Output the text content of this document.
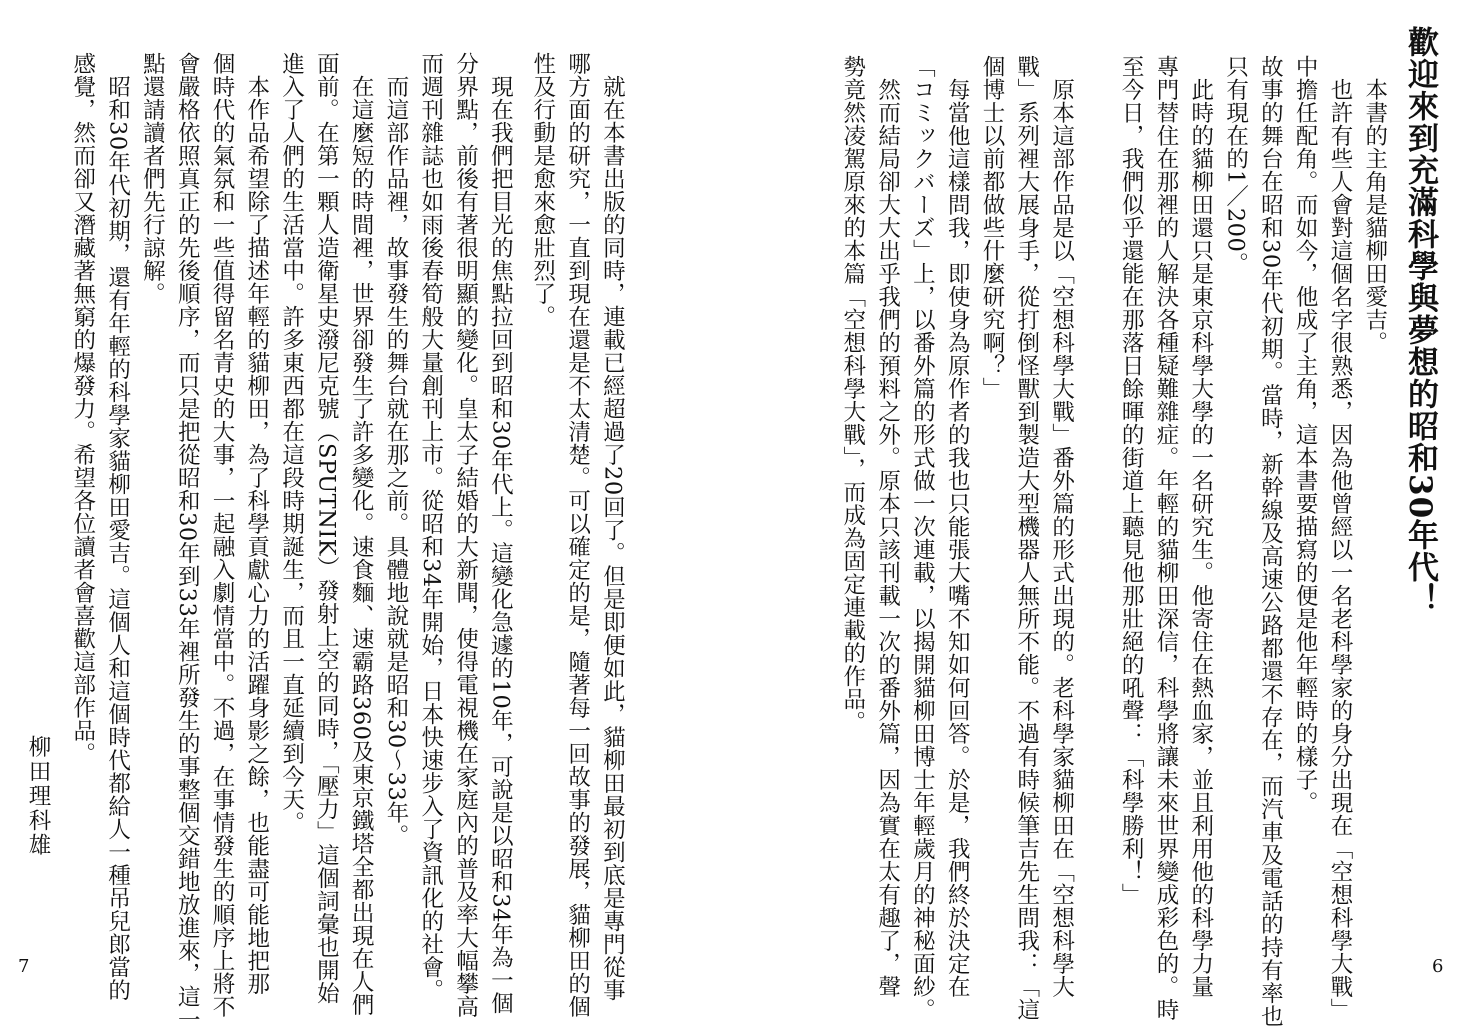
歡迎來到充滿科學與夢想的昭和30年代！
　本書的主角是貓柳田愛吉。
　也許有些人會對這個名字很熟悉，因為他曾經以一名老科學家的身分出現在「空想科學大戰」
中擔任配角。而如今，他成了主角，這本書要描寫的便是他年輕時的樣子。
故事的舞台在昭和30年代初期。當時，新幹線及高速公路都還不存在，而汽車及電話的持有率也
只有現在的1／200。
　此時的貓柳田還只是東京科學大學的一名研究生。他寄住在熱血家，並且利用他的科學力量
專門替住在那裡的人解決各種疑難雜症。年輕的貓柳田深信，科學將讓未來世界變成彩色的。時
至今日，我們似乎還能在那落日餘暉的街道上聽見他那壯絕的吼聲：「科學勝利！」

　原本這部作品是以「空想科學大戰」番外篇的形式出現的。老科學家貓柳田在「空想科學大
戰」系列裡大展身手，從打倒怪獸到製造大型機器人無所不能。不過有時候筆吉先生問我：「這
個博士以前都做些什麼研究啊？」
　每當他這樣問我，即使身為原作者的我也只能張大嘴不知如何回答。於是，我們終於決定在
「コミックバーズ」上，以番外篇的形式做一次連載，以揭開貓柳田博士年輕歲月的神秘面紗。
　然而結局卻大大出乎我們的預料之外。原本只該刊載一次的番外篇，因為實在太有趣了，聲
勢竟然凌駕原來的本篇「空想科學大戰」，而成為固定連載的作品。
　就在本書出版的同時，連載已經超過了20回了。但是即便如此，貓柳田最初到底是專門從事
哪方面的研究，一直到現在還是不太清楚。可以確定的是，隨著每一回故事的發展，貓柳田的個
性及行動是愈來愈壯烈了。
　現在我們把目光的焦點拉回到昭和30年代上。這變化急遽的10年，可說是以昭和34年為一個
分界點，前後有著很明顯的變化。皇太子結婚的大新聞，使得電視機在家庭內的普及率大幅攀高
而週刊雜誌也如雨後春筍般大量創刊上市。從昭和34年開始，日本快速步入了資訊化的社會。
　而這部作品裡，故事發生的舞台就在那之前。具體地說就是昭和30～33年。
　在這麼短的時間裡，世界卻發生了許多變化。速食麵、速霸路360及東京鐵塔全都出現在人們
面前。在第一顆人造衛星史潑尼克號（SPUTNIK）發射上空的同時，「壓力」這個詞彙也開始
進入了人們的生活當中。許多東西都在這段時期誕生，而且一直延續到今天。
　本作品希望除了描述年輕的貓柳田，為了科學貢獻心力的活躍身影之餘，也能盡可能地把那
個時代的氣氛和一些值得留名青史的大事，一起融入劇情當中。不過，在事情發生的順序上將不
會嚴格依照真正的先後順序，而只是把從昭和30年到33年裡所發生的事整個交錯地放進來，這一
點還請讀者們先行諒解。
　昭和30年代初期，還有年輕的科學家貓柳田愛吉。這個人和這個時代都給人一種吊兒郎當的
感覺，然而卻又潛藏著無窮的爆發力。希望各位讀者會喜歡這部作品。
柳田理科雄
7	6
